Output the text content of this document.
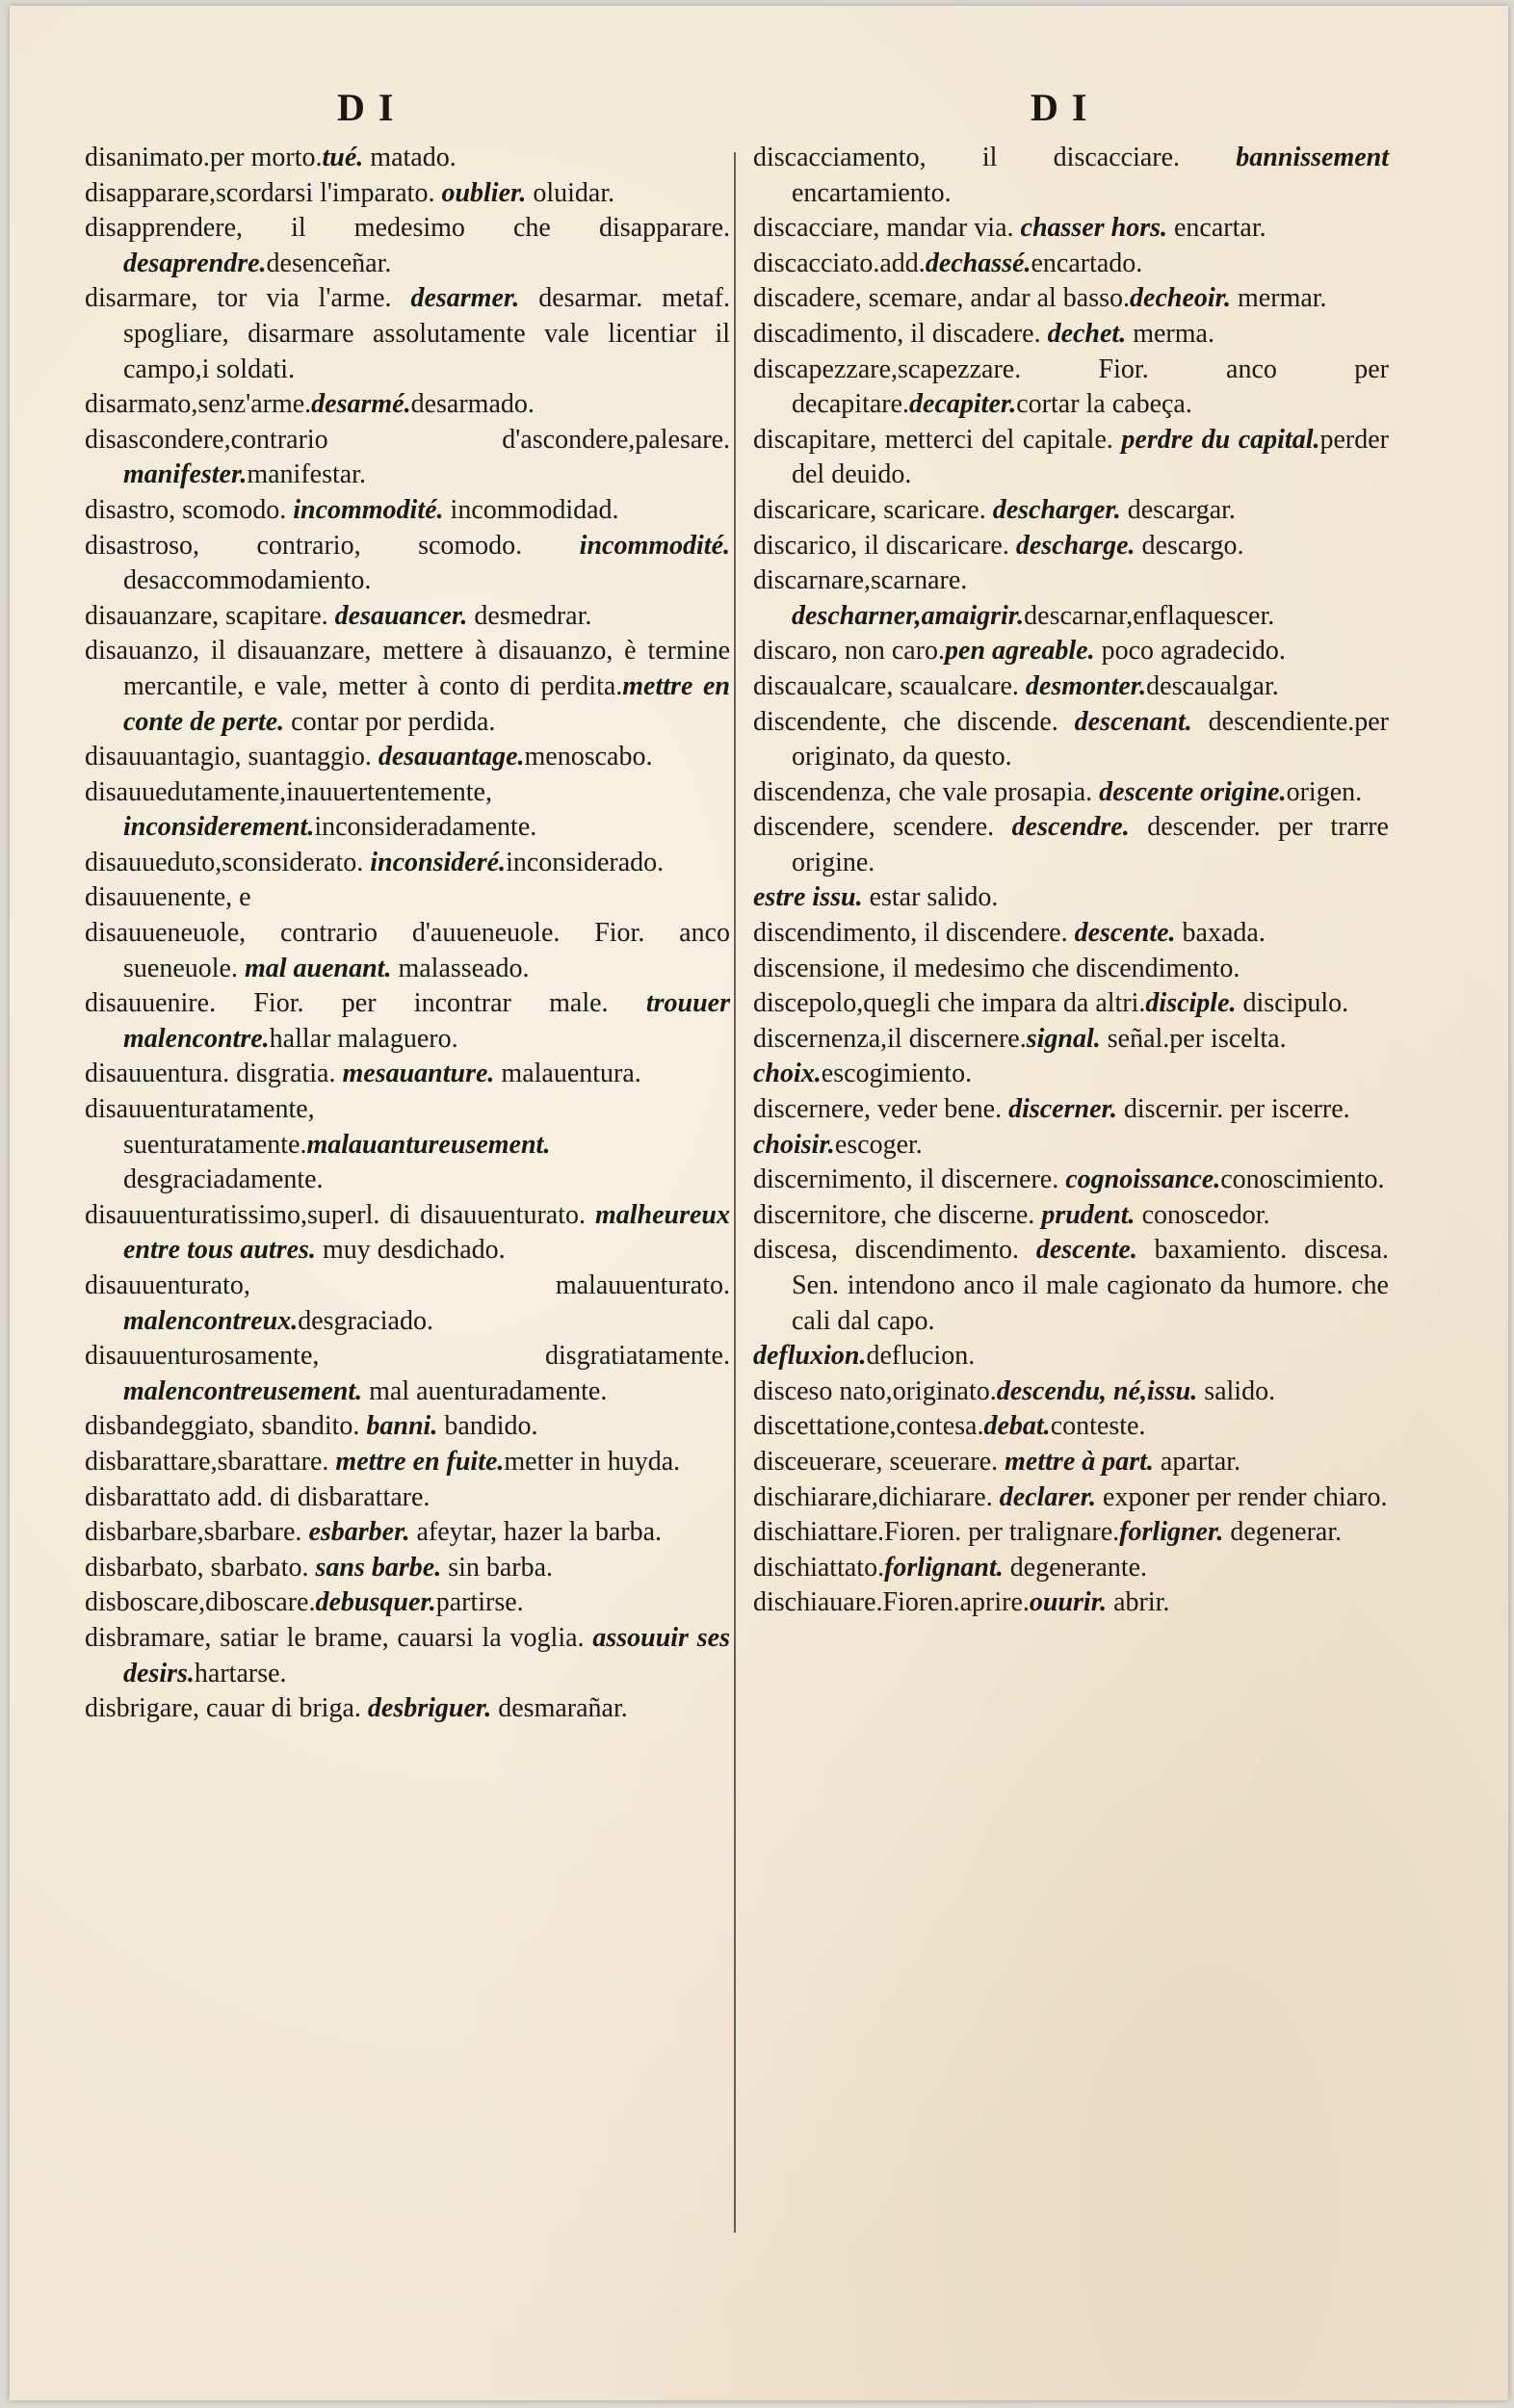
DI	DI
disanimato.per morto.tué. matado.
disapparare,scordarsi l'imparato. oublier. oluidar.
disapprendere, il medesimo che disapparare. desaprendre.desenceñar.
disarmare, tor via l'arme. desarmer. desarmar. metaf. spogliare, disarmare assolutamente vale licentiar il campo,i soldati.
disarmato,senz'arme.desarmé.desarmado.
disascondere,contrario d'ascondere,palesare. manifester.manifestar.
disastro, scomodo. incommodité. incommodidad.
disastroso, contrario, scomodo. incommodité. desaccommodamiento.
disauanzare, scapitare. desauancer. desmedrar.
disauanzo, il disauanzare, mettere à disauanzo, è termine mercantile, e vale, metter à conto di perdita.mettre en conte de perte. contar por perdida.
disauuantagio, suantaggio. desauantage.menoscabo.
disauuedutamente,inauuertentemente, inconsiderement.inconsideradamente.
disauueduto,sconsiderato. inconsideré.inconsiderado.
disauuenente, e
disauueneuole, contrario d'auueneuole. Fior. anco sueneuole. mal auenant. malasseado.
disauuenire. Fior. per incontrar male. trouuer malencontre.hallar malaguero.
disauuentura. disgratia. mesauanture. malauentura.
disauuenturatamente, suenturatamente.malauantureusement. desgraciadamente.
disauuenturatissimo,superl. di disauuenturato. malheureux entre tous autres. muy desdichado.
disauuenturato, malauuenturato. malencontreux.desgraciado.
disauuenturosamente, disgratiatamente. malencontreusement. mal auenturadamente.
disbandeggiato, sbandito. banni. bandido.
disbarattare,sbarattare. mettre en fuite.metter in huyda.
disbarattato add. di disbarattare.
disbarbare,sbarbare. esbarber. afeytar, hazer la barba.
disbarbato, sbarbato. sans barbe. sin barba.
disboscare,diboscare.debusquer.partirse.
disbramare, satiar le brame, cauarsi la voglia. assouuir ses desirs.hartarse.
disbrigare, cauar di briga. desbriguer. desmarañar.
discacciamento, il discacciare. bannissement encartamiento.
discacciare, mandar via. chasser hors. encartar.
discacciato.add.dechassé.encartado.
discadere, scemare, andar al basso.decheoir. mermar.
discadimento, il discadere. dechet. merma.
discapezzare,scapezzare. Fior. anco per decapitare.decapiter.cortar la cabeça.
discapitare, metterci del capitale. perdre du capital.perder del deuido.
discaricare, scaricare. descharger. descargar.
discarico, il discaricare. descharge. descargo.
discarnare,scarnare. descharner,amaigrir.descarnar,enflaquescer.
discaro, non caro.pen agreable. poco agradecido.
discaualcare, scaualcare. desmonter.descaualgar.
discendente, che discende. descenant. descendiente.per originato, da questo.
discendenza, che vale prosapia. descente origine.origen.
discendere, scendere. descendre. descender. per trarre origine.
estre issu. estar salido.
discendimento, il discendere. descente. baxada.
discensione, il medesimo che discendimento.
discepolo,quegli che impara da altri.disciple. discipulo.
discernenza,il discernere.signal. señal.per iscelta.
choix.escogimiento.
discernere, veder bene. discerner. discernir. per iscerre.
choisir.escoger.
discernimento, il discernere. cognoissance.conoscimiento.
discernitore, che discerne. prudent. conoscedor.
discesa, discendimento. descente. baxamiento. discesa. Sen. intendono anco il male cagionato da humore. che cali dal capo.
defluxion.deflucion.
disceso nato,originato.descendu, né,issu. salido.
discettatione,contesa.debat.conteste.
disceuerare, sceuerare. mettre à part. apartar.
dischiarare,dichiarare. declarer. exponer per render chiaro.
dischiattare.Fioren. per tralignare.forligner. degenerar.
dischiattato.forlignant. degenerante.
dischiauare.Fioren.aprire.ouurir. abrir.
